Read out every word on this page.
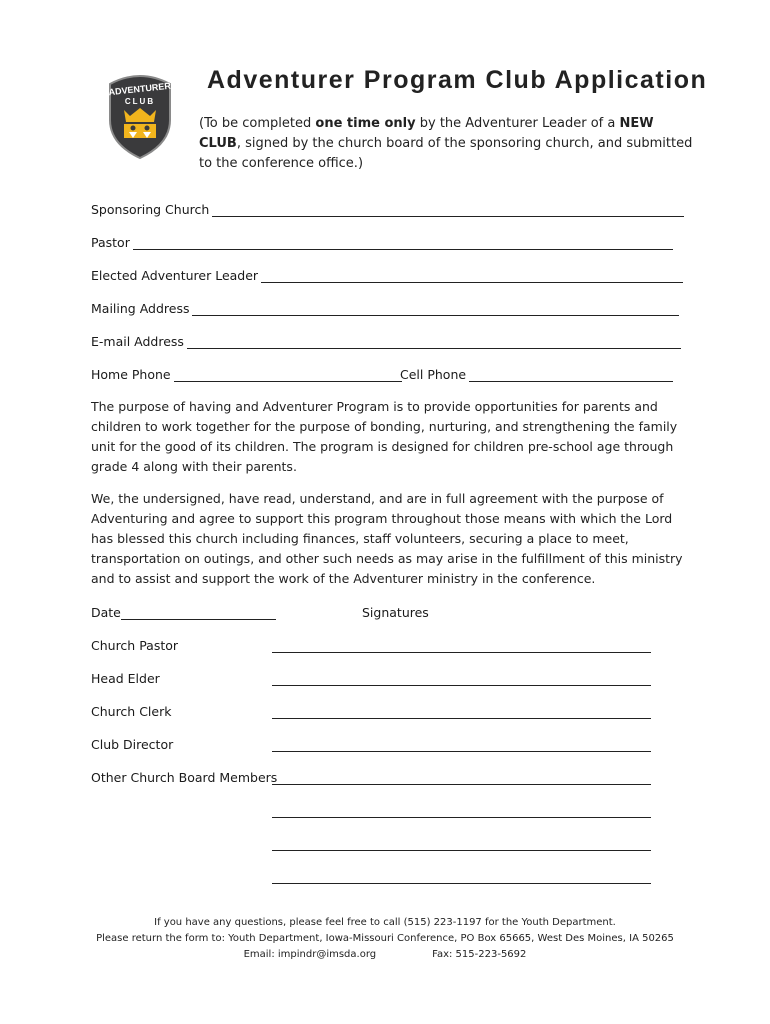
ADVENTURER
CLUB
Adventurer Program Club Application
(To be completed one time only by the Adventurer Leader of a NEW CLUB, signed by the church board of the sponsoring church, and submitted to the conference office.)
Sponsoring Church
Pastor
Elected Adventurer Leader
Mailing Address
E-mail Address
Home Phone	Cell Phone
The purpose of having and Adventurer Program is to provide opportunities for parents and children to work together for the purpose of bonding, nurturing, and strengthening the family unit for the good of its children. The program is designed for children pre-school age through grade 4 along with their parents.
We, the undersigned, have read, understand, and are in full agreement with the purpose of Adventuring and agree to support this program throughout those means with which the Lord has blessed this church including finances, staff volunteers, securing a place to meet, transportation on outings, and other such needs as may arise in the fulfillment of this ministry and to assist and support the work of the Adventurer ministry in the conference.
Date	Signatures
Church Pastor
Head Elder
Church Clerk
Club Director
Other Church Board Members
If you have any questions, please feel free to call (515) 223-1197 for the Youth Department.
Please return the form to: Youth Department, Iowa-Missouri Conference, PO Box 65665, West Des Moines, IA 50265
Email: impindr@imsda.org	Fax: 515-223-5692
